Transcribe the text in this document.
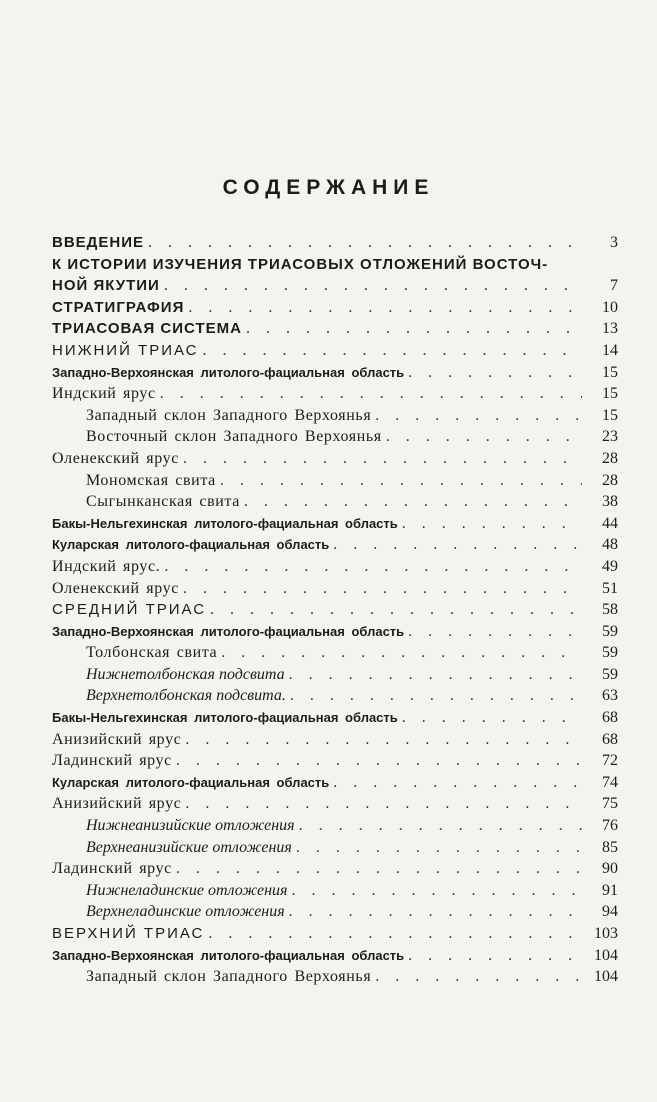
СОДЕРЖАНИЕ
ВВЕДЕНИЕ . . .	3
К ИСТОРИИ ИЗУЧЕНИЯ ТРИАСОВЫХ ОТЛОЖЕНИЙ ВОСТОЧ-
НОЙ ЯКУТИИ . . .	7
СТРАТИГРАФИЯ . . .	10
ТРИАСОВАЯ СИСТЕМА . . .	13
НИЖНИЙ ТРИАС . . .	14
Западно-Верхоянская литолого-фациальная область . . .	15
Индский ярус . . .	15
Западный склон Западного Верхоянья . . .	15
Восточный склон Западного Верхоянья . . .	23
Оленекский ярус . . .	28
Мономская свита . . .	28
Сыгынканская свита . . .	38
Бакы-Нельгехинская литолого-фациальная область . . .	44
Куларская литолого-фациальная область . . .	48
Индский ярус. . . .	49
Оленекский ярус . . .	51
СРЕДНИЙ ТРИАС . . .	58
Западно-Верхоянская литолого-фациальная область . . .	59
Толбонская свита . . .	59
Нижнетолбонская подсвита . . .	59
Верхнетолбонская подсвита. . . .	63
Бакы-Нельгехинская литолого-фациальная область . . .	68
Анизийский ярус . . .	68
Ладинский ярус . . .	72
Куларская литолого-фациальная область . . .	74
Анизийский ярус . . .	75
Нижнеанизийские отложения . . .	76
Верхнеанизийские отложения . . .	85
Ладинский ярус . . .	90
Нижнеладинские отложения . . .	91
Верхнеладинские отложения . . .	94
ВЕРХНИЙ ТРИАС . . .	103
Западно-Верхоянская литолого-фациальная область . . .	104
Западный склон Западного Верхоянья . . .	104
